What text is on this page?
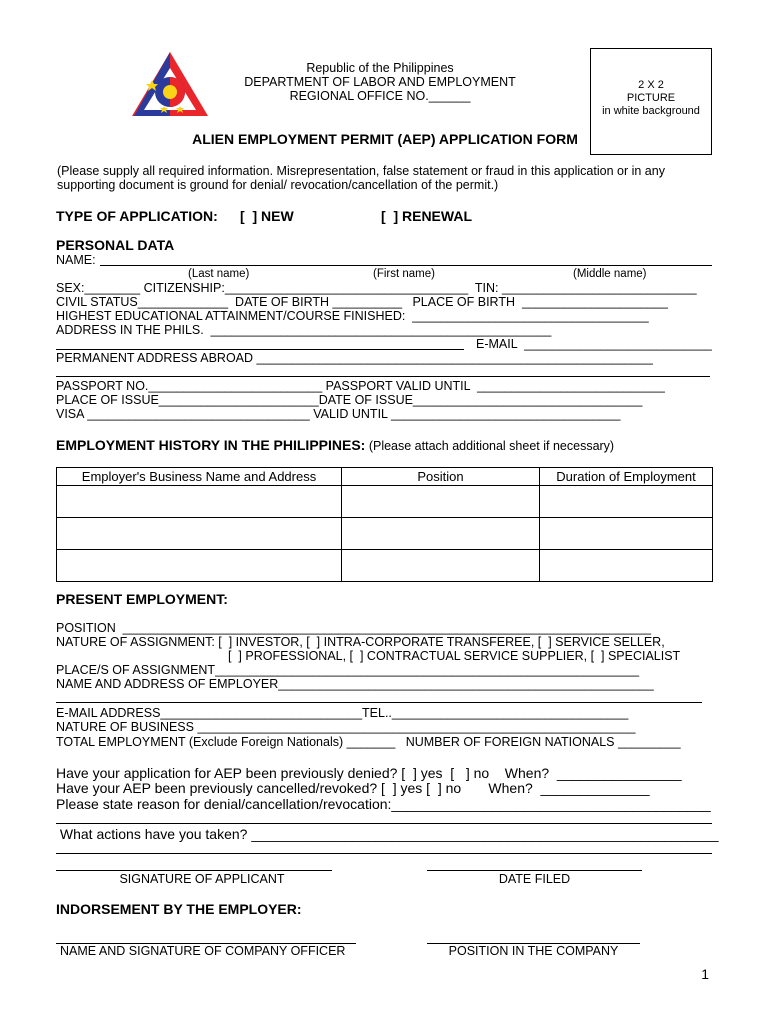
Republic of the Philippines
DEPARTMENT OF LABOR AND EMPLOYMENT
REGIONAL OFFICE NO.______
2 X 2
PICTURE
in white background
ALIEN EMPLOYMENT PERMIT (AEP) APPLICATION FORM
(Please supply all required information. Misrepresentation, false statement or fraud in this application or in any
supporting document is ground for denial/ revocation/cancellation of the permit.)
TYPE OF APPLICATION: [  ] NEW	[  ] RENEWAL
PERSONAL DATA
NAME:
(Last name)	(First name)	(Middle name)
SEX:________ CITIZENSHIP:___________________________________  TIN: ____________________________
CIVIL STATUS_____________  DATE OF BIRTH __________   PLACE OF BIRTH  _____________________
HIGHEST EDUCATIONAL ATTAINMENT/COURSE FINISHED:  __________________________________
ADDRESS IN THE PHILS.  _________________________________________________
E-MAIL  ___________________________
PERMANENT ADDRESS ABROAD _________________________________________________________
PASSPORT NO._________________________ PASSPORT VALID UNTIL  ___________________________
PLACE OF ISSUE_______________________DATE OF ISSUE_________________________________
VISA ________________________________ VALID UNTIL _________________________________
EMPLOYMENT HISTORY IN THE PHILIPPINES: (Please attach additional sheet if necessary)
Employer's Business Name and Address	Position	Duration of Employment

PRESENT EMPLOYMENT:
POSITION  ____________________________________________________________________________
NATURE OF ASSIGNMENT: [  ] INVESTOR, [  ] INTRA-CORPORATE TRANSFEREE, [  ] SERVICE SELLER,
[  ] PROFESSIONAL, [  ] CONTRACTUAL SERVICE SUPPLIER, [  ] SPECIALIST
PLACE/S OF ASSIGNMENT_____________________________________________________________
NAME AND ADDRESS OF EMPLOYER______________________________________________________
E-MAIL ADDRESS_____________________________TEL..__________________________________
NATURE OF BUSINESS _______________________________________________________________
TOTAL EMPLOYMENT (Exclude Foreign Nationals) _______   NUMBER OF FOREIGN NATIONALS _________
Have your application for AEP been previously denied? [  ] yes  [   ] no    When?  ________________
Have your AEP been previously cancelled/revoked? [  ] yes [  ] no       When?  ______________
Please state reason for denial/cancellation/revocation:_________________________________________
What actions have you taken? ____________________________________________________________
SIGNATURE OF APPLICANT	DATE FILED
INDORSEMENT BY THE EMPLOYER:
NAME AND SIGNATURE OF COMPANY OFFICER	POSITION IN THE COMPANY
1
